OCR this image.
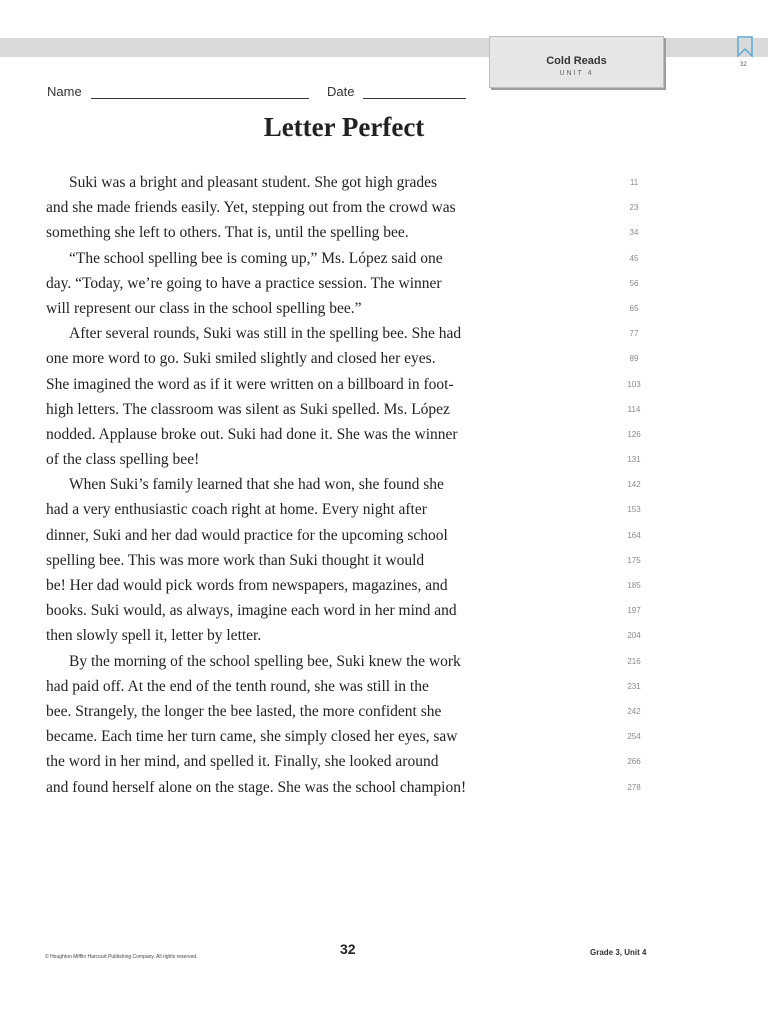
Cold Reads
UNIT 4
32
Name	Date
Letter Perfect
Suki was a bright and pleasant student. She got high grades	11
and she made friends easily. Yet, stepping out from the crowd was	23
something she left to others. That is, until the spelling bee.	34
“The school spelling bee is coming up,” Ms. López said one	45
day. “Today, we’re going to have a practice session. The winner	56
will represent our class in the school spelling bee.”	65
After several rounds, Suki was still in the spelling bee. She had	77
one more word to go. Suki smiled slightly and closed her eyes.	89
She imagined the word as if it were written on a billboard in foot-	103
high letters. The classroom was silent as Suki spelled. Ms. López	114
nodded. Applause broke out. Suki had done it. She was the winner	126
of the class spelling bee!	131
When Suki’s family learned that she had won, she found she	142
had a very enthusiastic coach right at home. Every night after	153
dinner, Suki and her dad would practice for the upcoming school	164
spelling bee. This was more work than Suki thought it would	175
be! Her dad would pick words from newspapers, magazines, and	185
books. Suki would, as always, imagine each word in her mind and	197
then slowly spell it, letter by letter.	204
By the morning of the school spelling bee, Suki knew the work	216
had paid off. At the end of the tenth round, she was still in the	231
bee. Strangely, the longer the bee lasted, the more confident she	242
became. Each time her turn came, she simply closed her eyes, saw	254
the word in her mind, and spelled it. Finally, she looked around	266
and found herself alone on the stage. She was the school champion!	278
© Houghton Mifflin Harcourt Publishing Company. All rights reserved.	32	Grade 3, Unit 4
